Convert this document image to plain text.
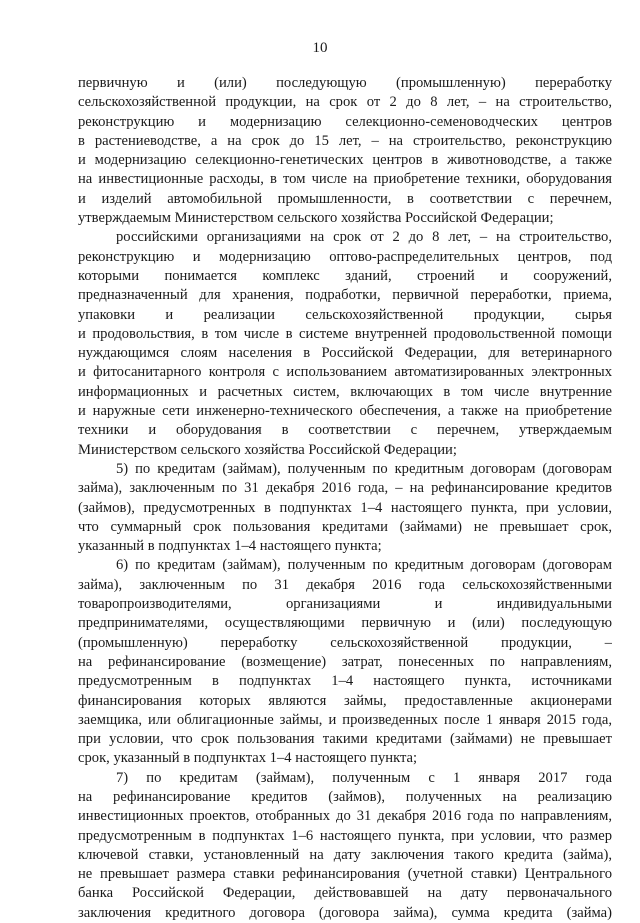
10
первичную и (или) последующую (промышленную) переработку
сельскохозяйственной продукции, на срок от 2 до 8 лет, – на строительство,
реконструкцию и модернизацию селекционно-семеноводческих центров
в растениеводстве, а на срок до 15 лет, – на строительство, реконструкцию
и модернизацию селекционно-генетических центров в животноводстве, а также
на инвестиционные расходы, в том числе на приобретение техники, оборудования
и изделий автомобильной промышленности, в соответствии с перечнем,
утверждаемым Министерством сельского хозяйства Российской Федерации;
российскими организациями на срок от 2 до 8 лет, – на строительство,
реконструкцию и модернизацию оптово-распределительных центров, под
которыми понимается комплекс зданий, строений и сооружений,
предназначенный для хранения, подработки, первичной переработки, приема,
упаковки и реализации сельскохозяйственной продукции, сырья
и продовольствия, в том числе в системе внутренней продовольственной помощи
нуждающимся слоям населения в Российской Федерации, для ветеринарного
и фитосанитарного контроля с использованием автоматизированных электронных
информационных и расчетных систем, включающих в том числе внутренние
и наружные сети инженерно-технического обеспечения, а также на приобретение
техники и оборудования в соответствии с перечнем, утверждаемым
Министерством сельского хозяйства Российской Федерации;
5) по кредитам (займам), полученным по кредитным договорам (договорам
займа), заключенным по 31 декабря 2016 года, – на рефинансирование кредитов
(займов), предусмотренных в подпунктах 1–4 настоящего пункта, при условии,
что суммарный срок пользования кредитами (займами) не превышает срок,
указанный в подпунктах 1–4 настоящего пункта;
6) по кредитам (займам), полученным по кредитным договорам (договорам
займа), заключенным по 31 декабря 2016 года сельскохозяйственными
товаропроизводителями, организациями и индивидуальными
предпринимателями, осуществляющими первичную и (или) последующую
(промышленную) переработку сельскохозяйственной продукции, –
на рефинансирование (возмещение) затрат, понесенных по направлениям,
предусмотренным в подпунктах 1–4 настоящего пункта, источниками
финансирования которых являются займы, предоставленные акционерами
заемщика, или облигационные займы, и произведенных после 1 января 2015 года,
при условии, что срок пользования такими кредитами (займами) не превышает
срок, указанный в подпунктах 1–4 настоящего пункта;
7) по кредитам (займам), полученным с 1 января 2017 года
на рефинансирование кредитов (займов), полученных на реализацию
инвестиционных проектов, отобранных до 31 декабря 2016 года по направлениям,
предусмотренным в подпунктах 1–6 настоящего пункта, при условии, что размер
ключевой ставки, установленный на дату заключения такого кредита (займа),
не превышает размера ставки рефинансирования (учетной ставки) Центрального
банка Российской Федерации, действовавшей на дату первоначального
заключения кредитного договора (договора займа), сумма кредита (займа)
